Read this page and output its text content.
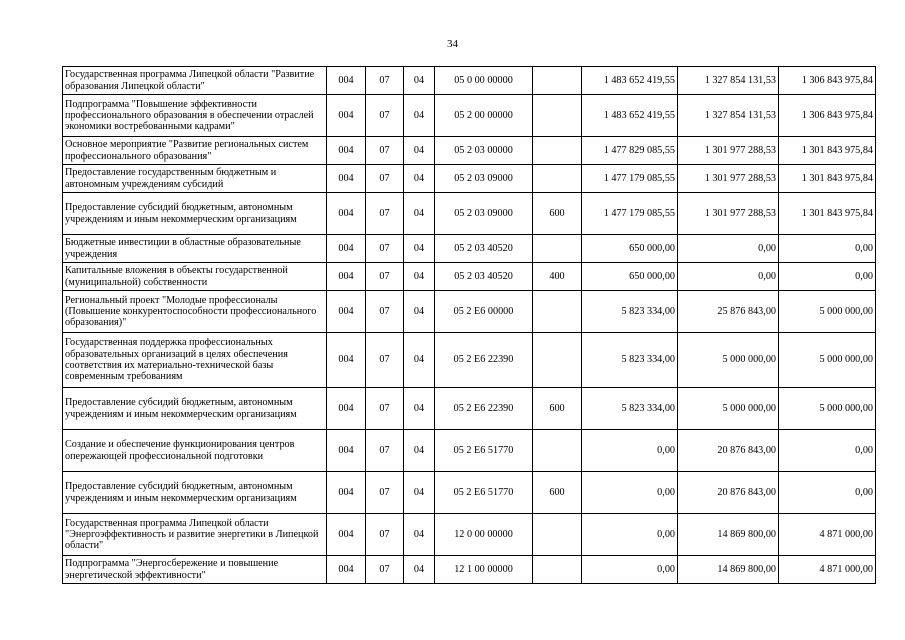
34
Государственная программа Липецкой области "Развитие образования Липецкой области"	004	07	04	05 0 00 00000		1 483 652 419,55	1 327 854 131,53	1 306 843 975,84
Подпрограмма "Повышение эффективности профессионального образования в обеспечении отраслей экономики востребованными кадрами"	004	07	04	05 2 00 00000		1 483 652 419,55	1 327 854 131,53	1 306 843 975,84
Основное мероприятие "Развитие региональных систем профессионального образования"	004	07	04	05 2 03 00000		1 477 829 085,55	1 301 977 288,53	1 301 843 975,84
Предоставление государственным бюджетным и автономным учреждениям субсидий	004	07	04	05 2 03 09000		1 477 179 085,55	1 301 977 288,53	1 301 843 975,84
Предоставление субсидий бюджетным, автономным учреждениям и иным некоммерческим организациям	004	07	04	05 2 03 09000	600	1 477 179 085,55	1 301 977 288,53	1 301 843 975,84
Бюджетные инвестиции в областные образовательные учреждения	004	07	04	05 2 03 40520		650 000,00	0,00	0,00
Капитальные вложения в объекты государственной (муниципальной) собственности	004	07	04	05 2 03 40520	400	650 000,00	0,00	0,00
Региональный проект "Молодые профессионалы (Повышение конкурентоспособности профессионального образования)"	004	07	04	05 2 E6 00000		5 823 334,00	25 876 843,00	5 000 000,00
Государственная поддержка профессиональных образовательных организаций в целях обеспечения соответствия их материально-технической базы современным требованиям	004	07	04	05 2 E6 22390		5 823 334,00	5 000 000,00	5 000 000,00
Предоставление субсидий бюджетным, автономным учреждениям и иным некоммерческим организациям	004	07	04	05 2 E6 22390	600	5 823 334,00	5 000 000,00	5 000 000,00
Создание и обеспечение функционирования центров опережающей профессиональной подготовки	004	07	04	05 2 E6 51770		0,00	20 876 843,00	0,00
Предоставление субсидий бюджетным, автономным учреждениям и иным некоммерческим организациям	004	07	04	05 2 E6 51770	600	0,00	20 876 843,00	0,00
Государственная программа Липецкой области "Энергоэффективность и развитие энергетики в Липецкой области"	004	07	04	12 0 00 00000		0,00	14 869 800,00	4 871 000,00
Подпрограмма "Энергосбережение и повышение энергетической эффективности"	004	07	04	12 1 00 00000		0,00	14 869 800,00	4 871 000,00
